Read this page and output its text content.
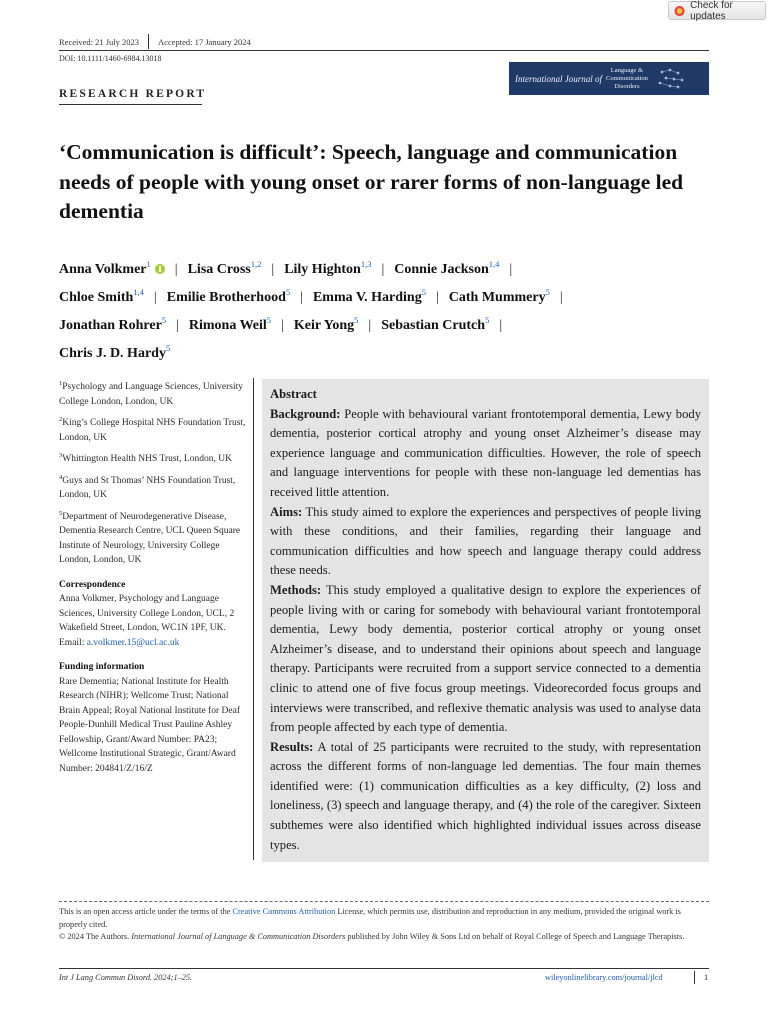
Check for updates
Received: 21 July 2023 Accepted: 17 January 2024
DOI: 10.1111/1460-6984.13018
RESEARCH REPORT
International Journal of
Language &
Communication
Disorders
‘Communication is difficult’: Speech, language and communication needs of people with young onset or rarer forms of non-language led dementia
Anna Volkmer$^1$ | Lisa Cross$^{1,2}$ | Lily Highton$^{1,3}$ | Connie Jackson$^{1,4}$ |
Chloe Smith$^{1,4}$ | Emilie Brotherhood$^5$ | Emma V. Harding$^5$ | Cath Mummery$^5$ |
Jonathan Rohrer$^5$ | Rimona Weil$^5$ | Keir Yong$^5$ | Sebastian Crutch$^5$ |
Chris J. D. Hardy$^5$
$^1$Psychology and Language Sciences, University College London, London, UK
$^2$King’s College Hospital NHS Foundation Trust, London, UK
$^3$Whittington Health NHS Trust, London, UK
$^4$Guys and St Thomas’ NHS Foundation Trust, London, UK
$^5$Department of Neurodegenerative Disease, Dementia Research Centre, UCL Queen Square Institute of Neurology, University College London, London, UK
Correspondence
Anna Volkmer, Psychology and Language Sciences, University College London, UCL, 2 Wakefield Street, London, WC1N 1PF, UK.
Email: a.volkmer.15@ucl.ac.uk
Funding information
Rare Dementia; National Institute for Health Research (NIHR); Wellcome Trust; National Brain Appeal; Royal National Institute for Deaf People-Dunhill Medical Trust Pauline Ashley Fellowship, Grant/Award Number: PA23; Wellcome Institutional Strategic, Grant/Award Number: 204841/Z/16/Z
Abstract

Background: People with behavioural variant frontotemporal dementia, Lewy body dementia, posterior cortical atrophy and young onset Alzheimer’s disease may experience language and communication difficulties. However, the role of speech and language interventions for people with these non-language led dementias has received little attention.

Aims: This study aimed to explore the experiences and perspectives of people living with these conditions, and their families, regarding their language and communication difficulties and how speech and language therapy could address these needs.

Methods: This study employed a qualitative design to explore the experiences of people living with or caring for somebody with behavioural variant frontotemporal dementia, Lewy body dementia, posterior cortical atrophy or young onset Alzheimer’s disease, and to understand their opinions about speech and language therapy. Participants were recruited from a support service connected to a dementia clinic to attend one of five focus group meetings. Videorecorded focus groups and interviews were transcribed, and reflexive thematic analysis was used to analyse data from people affected by each type of dementia.

Results: A total of 25 participants were recruited to the study, with representation across the different forms of non-language led dementias. The four main themes identified were: (1) communication difficulties as a key difficulty, (2) loss and loneliness, (3) speech and language therapy, and (4) the role of the caregiver. Sixteen subthemes were also identified which highlighted individual issues across disease types.

This is an open access article under the terms of the Creative Commons Attribution License, which permits use, distribution and reproduction in any medium, provided the original work is properly cited.
© 2024 The Authors. International Journal of Language & Communication Disorders published by John Wiley & Sons Ltd on behalf of Royal College of Speech and Language Therapists.
Int J Lang Commun Disord. 2024;1–25.	wileyonlinelibrary.com/journal/jlcd	1
